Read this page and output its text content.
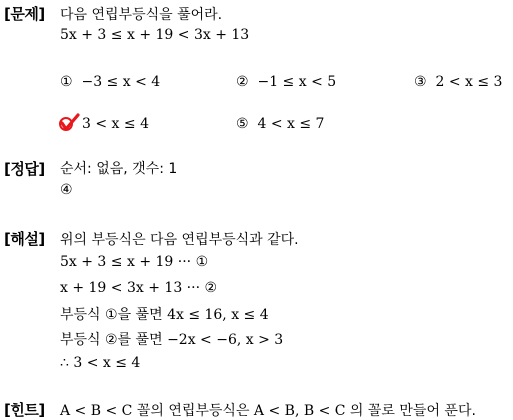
[문제] 다음 연립부등식을 풀어라.
5x + 3 ≤ x + 19 < 3x + 13
① −3 ≤ x < 4	② −1 ≤ x < 5	③ 2 < x ≤ 3
3 < x ≤ 4	⑤ 4 < x ≤ 7
[정답] 순서: 없음, 갯수: 1
④
[해설] 위의 부등식은 다음 연립부등식과 같다.
5x + 3 ≤ x + 19 ··· ①
x + 19 < 3x + 13 ··· ②
부등식 ①을 풀면 4x ≤ 16, x ≤ 4
부등식 ②를 풀면 −2x < −6, x > 3
∴ 3 < x ≤ 4
[힌트] A < B < C 꼴의 연립부등식은 A < B, B < C 의 꼴로 만들어 푼다.
